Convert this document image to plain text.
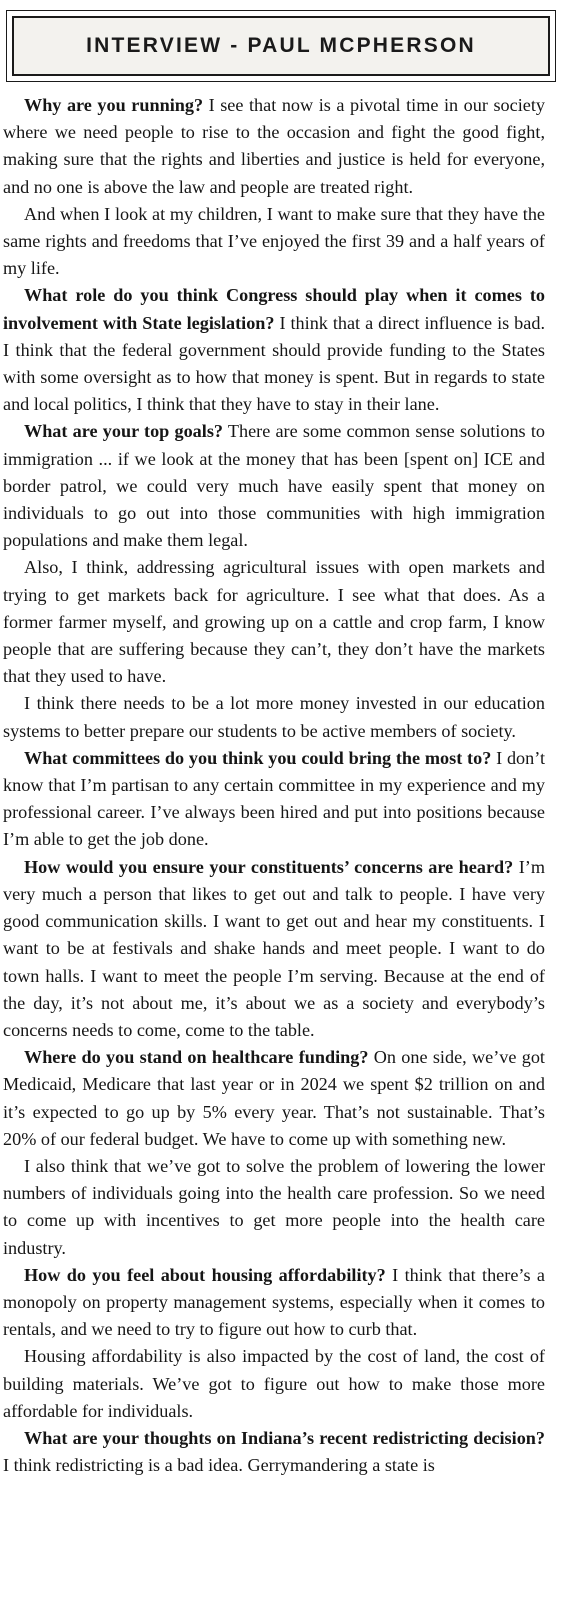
INTERVIEW - PAUL MCPHERSON

Why are you running? I see that now is a pivotal time in our society where we need people to rise to the occasion and fight the good fight, making sure that the rights and liberties and justice is held for everyone, and no one is above the law and people are treated right.

And when I look at my children, I want to make sure that they have the same rights and freedoms that I’ve enjoyed the first 39 and a half years of my life.

What role do you think Congress should play when it comes to involvement with State legislation? I think that a direct influence is bad. I think that the federal government should provide funding to the States with some oversight as to how that money is spent. But in regards to state and local politics, I think that they have to stay in their lane.

What are your top goals? There are some common sense solutions to immigration ... if we look at the money that has been [spent on] ICE and border patrol, we could very much have easily spent that money on individuals to go out into those communities with high immigration populations and make them legal.

Also, I think, addressing agricultural issues with open markets and trying to get markets back for agriculture. I see what that does. As a former farmer myself, and growing up on a cattle and crop farm, I know people that are suffering because they can’t, they don’t have the markets that they used to have.

I think there needs to be a lot more money invested in our education systems to better prepare our students to be active members of society.

What committees do you think you could bring the most to? I don’t know that I’m partisan to any certain committee in my experience and my professional career. I’ve always been hired and put into positions because I’m able to get the job done.

How would you ensure your constituents’ concerns are heard? I’m very much a person that likes to get out and talk to people. I have very good communication skills. I want to get out and hear my constituents. I want to be at festivals and shake hands and meet people. I want to do town halls. I want to meet the people I’m serving. Because at the end of the day, it’s not about me, it’s about we as a society and everybody’s concerns needs to come, come to the table.

Where do you stand on healthcare funding? On one side, we’ve got Medicaid, Medicare that last year or in 2024 we spent $2 trillion on and it’s expected to go up by 5% every year. That’s not sustainable. That’s 20% of our federal budget. We have to come up with something new.

I also think that we’ve got to solve the problem of lowering the lower numbers of individuals going into the health care profession. So we need to come up with incentives to get more people into the health care industry.

How do you feel about housing affordability? I think that there’s a monopoly on property management systems, especially when it comes to rentals, and we need to try to figure out how to curb that.

Housing affordability is also impacted by the cost of land, the cost of building materials. We’ve got to figure out how to make those more affordable for individuals.

What are your thoughts on Indiana’s recent redistricting decision? I think redistricting is a bad idea. Gerrymandering a state is
